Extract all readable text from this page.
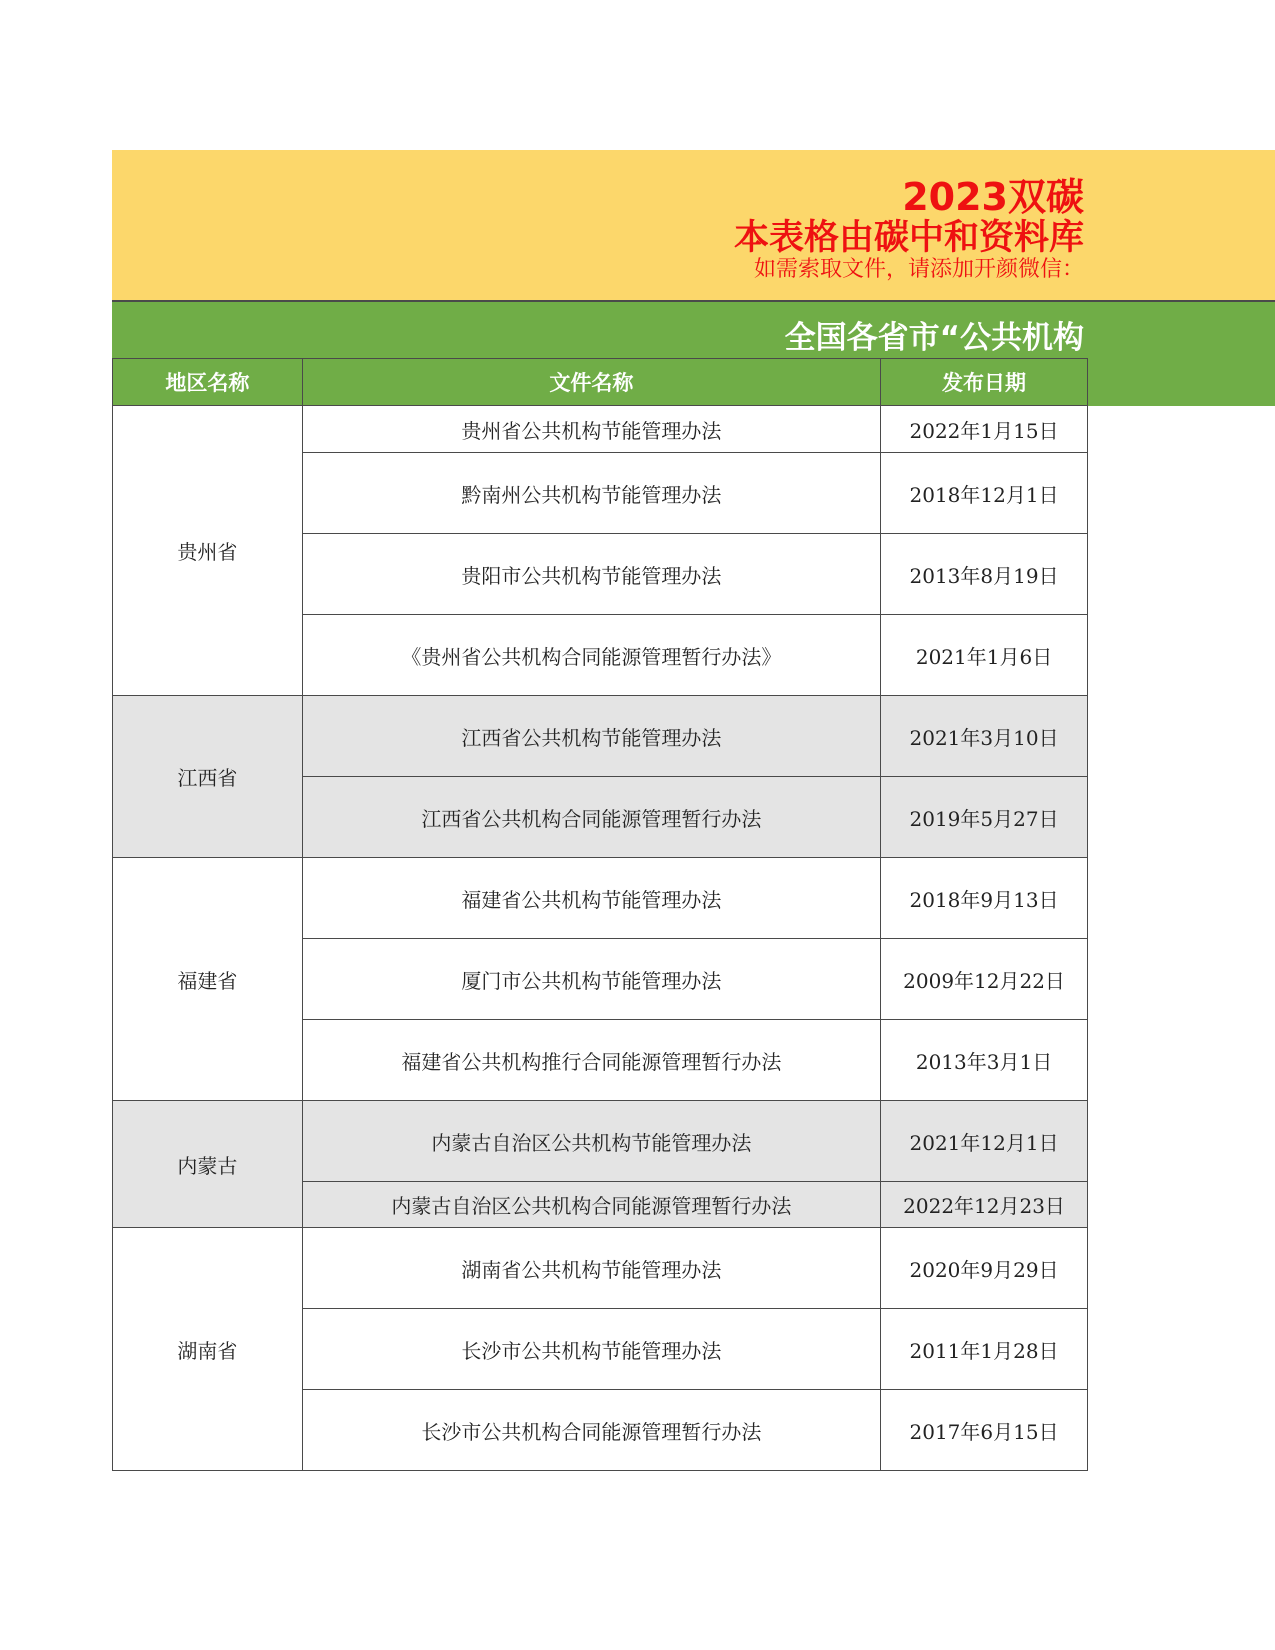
2023双碳
本表格由碳中和资料库
如需索取文件，请添加开颜微信：
全国各省市“公共机构
地区名称	文件名称	发布日期
贵州省	贵州省公共机构节能管理办法	2022年1月15日
	黔南州公共机构节能管理办法	2018年12月1日
	贵阳市公共机构节能管理办法	2013年8月19日
	《贵州省公共机构合同能源管理暂行办法》	2021年1月6日
江西省	江西省公共机构节能管理办法	2021年3月10日
	江西省公共机构合同能源管理暂行办法	2019年5月27日
福建省	福建省公共机构节能管理办法	2018年9月13日
	厦门市公共机构节能管理办法	2009年12月22日
	福建省公共机构推行合同能源管理暂行办法	2013年3月1日
内蒙古	内蒙古自治区公共机构节能管理办法	2021年12月1日
	内蒙古自治区公共机构合同能源管理暂行办法	2022年12月23日
湖南省	湖南省公共机构节能管理办法	2020年9月29日
	长沙市公共机构节能管理办法	2011年1月28日
	长沙市公共机构合同能源管理暂行办法	2017年6月15日
